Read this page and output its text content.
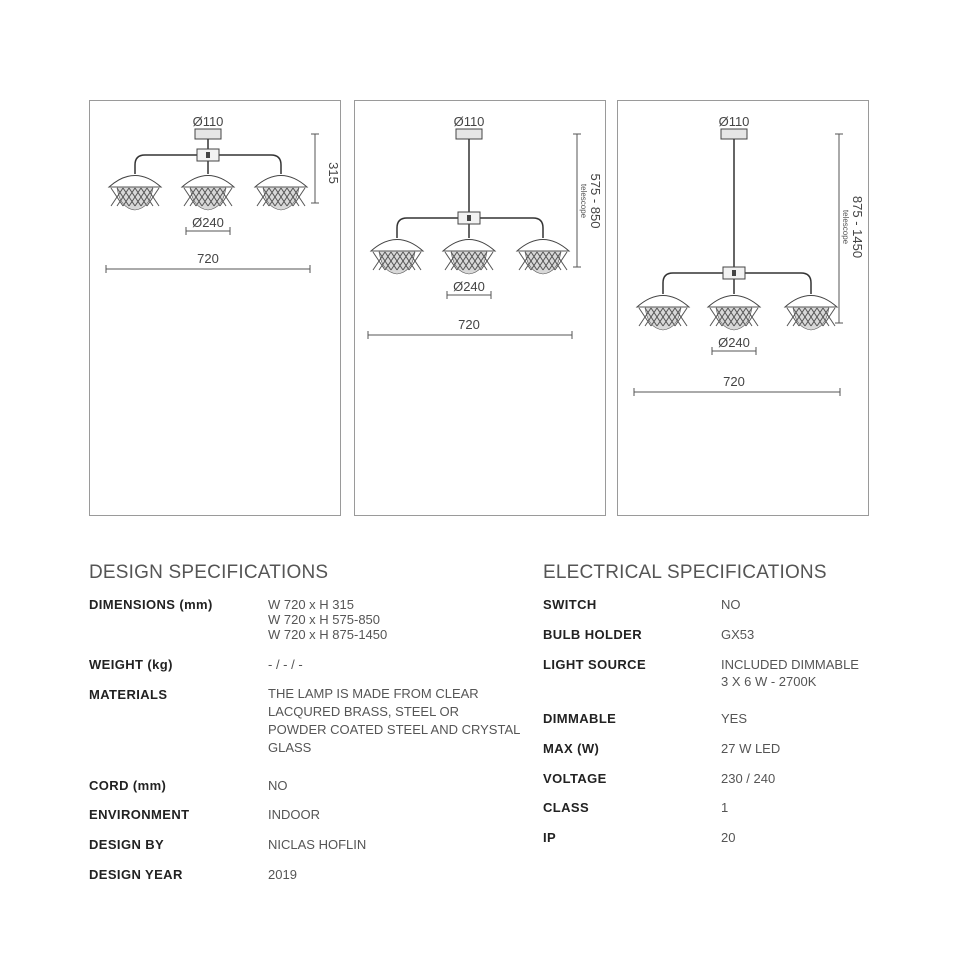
Ø110
Ø240
720
315
Ø110
Ø240
720
575 - 850
telescope
Ø110
Ø240
720
875 - 1450
telescope
DESIGN SPECIFICATIONS
DIMENSIONS (mm)	W 720 x H 315
W 720 x H 575-850
W 720 x H 875-1450
WEIGHT (kg)	- / - / -
MATERIALS	THE LAMP IS MADE FROM CLEAR
LACQURED BRASS, STEEL OR
POWDER COATED STEEL AND CRYSTAL
GLASS
CORD (mm)	NO
ENVIRONMENT	INDOOR
DESIGN BY	NICLAS HOFLIN
DESIGN YEAR	2019
ELECTRICAL SPECIFICATIONS
SWITCH	NO
BULB HOLDER	GX53
LIGHT SOURCE	INCLUDED DIMMABLE
3 X 6 W - 2700K
DIMMABLE	YES
MAX (W)	27 W LED
VOLTAGE	230 / 240
CLASS	1
IP	20
